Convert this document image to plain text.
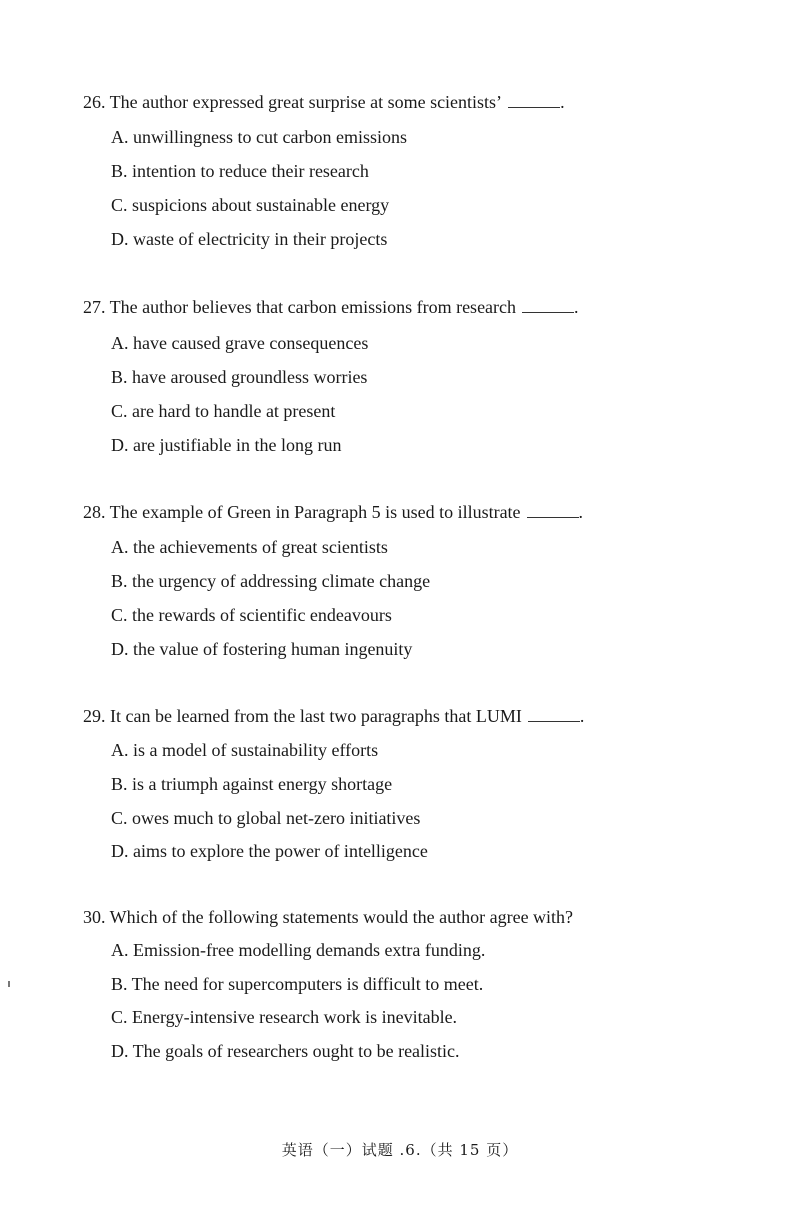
26. The author expressed great surprise at some scientists’	.
A. unwillingness to cut carbon emissions
B. intention to reduce their research
C. suspicions about sustainable energy
D. waste of electricity in their projects
27. The author believes that carbon emissions from research	.
A. have caused grave consequences
B. have aroused groundless worries
C. are hard to handle at present
D. are justifiable in the long run
28. The example of Green in Paragraph 5 is used to illustrate	.
A. the achievements of great scientists
B. the urgency of addressing climate change
C. the rewards of scientific endeavours
D. the value of fostering human ingenuity
29. It can be learned from the last two paragraphs that LUMI	.
A. is a model of sustainability efforts
B. is a triumph against energy shortage
C. owes much to global net-zero initiatives
D. aims to explore the power of intelligence
30. Which of the following statements would the author agree with?
A. Emission-free modelling demands extra funding.
B. The need for supercomputers is difficult to meet.
C. Energy-intensive research work is inevitable.
D. The goals of researchers ought to be realistic.
英语（一）试题 .6.（共 15 页）
